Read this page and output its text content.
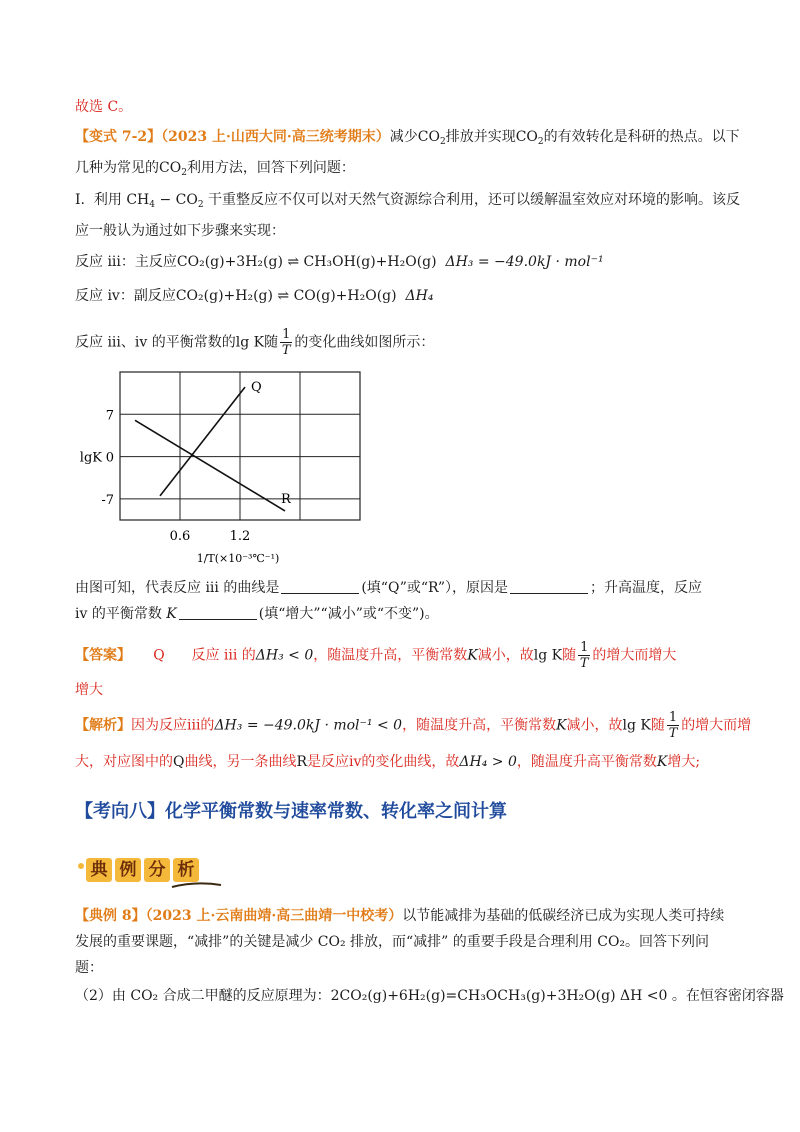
故选 C。
【变式 7-2】（2023 上·山西大同·高三统考期末）减少$CO_2$排放并实现$CO_2$的有效转化是科研的热点。以下
几种为常见的$CO_2$利用方法，回答下列问题：
I. 利用 $CH_4 - CO_2$ 干重整反应不仅可以对天然气资源综合利用，还可以缓解温室效应对环境的影响。该反
应一般认为通过如下步骤来实现：
反应 iii：主反应CO₂(g)+3H₂(g) ⇌ CH₃OH(g)+H₂O(g) ΔH₃ = −49.0kJ · mol⁻¹
反应 iv：副反应CO₂(g)+H₂(g) ⇌ CO(g)+H₂O(g) ΔH₄
反应 iii、iv 的平衡常数的lg K随 $\frac{1}{T}$ 的变化曲线如图所示：
7
0
-7
0.6	1.2
lgK
1/T(×10⁻³℃⁻¹)
Q
R
由图可知，代表反应 iii 的曲线是	(填“Q”或“R”），原因是	；升高温度，反应
iv 的平衡常数 K	(填“增大”“减小”或“不变”)。
【答案】 Q 反应 iii 的ΔH₃ < 0，随温度升高，平衡常数K减小，故lg K随 $\frac{1}{T}$ 的增大而增大
增大
【解析】因为反应iii的ΔH₃ = −49.0kJ · mol⁻¹ < 0，随温度升高，平衡常数K减小，故lg K随 $\frac{1}{T}$ 的增大而增
大，对应图中的Q曲线，另一条曲线R是反应iv的变化曲线，故ΔH₄ > 0，随温度升高平衡常数K增大;
【考向八】化学平衡常数与速率常数、转化率之间计算
典 例 分 析
【典例 8】（2023 上·云南曲靖·高三曲靖一中校考）以节能减排为基础的低碳经济已成为实现人类可持续
发展的重要课题，“减排”的关键是减少 CO₂ 排放，而“减排” 的重要手段是合理利用 CO₂。回答下列问
题：
（2）由 CO₂ 合成二甲醚的反应原理为：2CO₂(g)+6H₂(g)=CH₃OCH₃(g)+3H₂O(g) ΔH <0 。在恒容密闭容器
